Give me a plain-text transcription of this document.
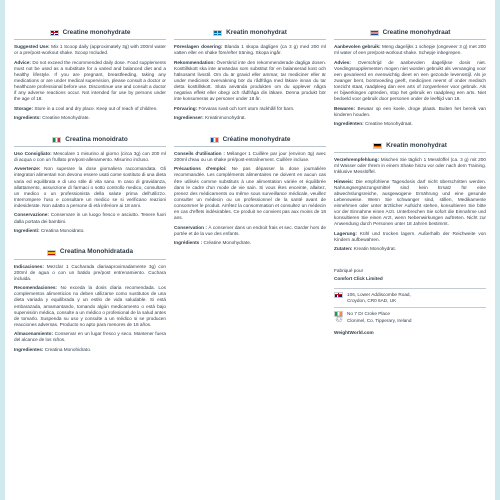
Creatine monohydrate

Suggested Use: Mix 1 Scoop daily (approximately 3g) with 200ml water or a pre/post-workout shake. Scoop Included.

Advice: Do not exceed the recommended daily dose. Food supplements must not be used as a substitute for a varied and balanced diet and a healthy lifestyle. If you are pregnant, breastfeeding, taking any medications or are under medical supervision, please consult a doctor or healthcare professional before use. Discontinue use and consult a doctor if any adverse reactions occur. Not intended for use by persons under the age of 18.

Storage: Store in a cool and dry place. Keep out of reach of children.

Ingredients: Creatine Monohydrate.

Creatina monoidrato

Uso Consigliato: Mescolare 1 misurino al giorno (circa 3g) con 200 ml di acqua o con un frullato pre/post-allenamento. Misurino incluso.

Avvertenze: Non superare la dose giornaliera raccomandata. Gli integratori alimentari non devono essere usati come sostituto di una dieta varia ed equilibrata e di uno stile di vita sano. In caso di gravidanza, allattamento, assunzione di farmaci o sotto controllo medico, consultare un medico o un professionista della salute prima dell'utilizzo. Interrompere l'uso e consultare un medico se si verificano reazioni indesiderate. Non adatto a persone di età inferiore ai 18 anni.

Conservazione: Conservare in un luogo fresco e asciutto. Tenere fuori dalla portata dei bambini.

Ingredienti: Creatina Monoidrato.

Creatina Monohidratada

Indicaciones: Mezclar 1 Cucharada diariaaproximadamente 3g) con 200ml de agua o con un batido pre/post entrenamiento. Cuchara incluida.

Recomendaciones: No exceda la dosis diaria recomendada. Los complementos alimenticios no deben utilizarse como sustitutos de una dieta variada y equilibrada y un estilo de vida saludable. Si está embarazada, amamantando, tomando algún medicamento o está bajo supervisión médica, consulte a un médico o profesional de la salud antes de tomarlo. Suspenda su uso y consulte a un médico si se producen reacciones adversas. Producto no apto para menores de 18 años.

Almacenamiento: Conservar en un lugar fresco y seco. Mantener fuera del alcance de los niños.

Ingredientes: Creatina Monohidrato.

Kreatin monohydrat

Föreslagen dosering: Blanda 1 skopa dagligen (ca 3 g) med 200 ml vatten eller en shake före/efter träning. Skopa ingår.

Rekommendation: Överskrid inte den rekommenderade dagliga dosen. Kosttillskott ska inte användas som substitut för en balanserad kost och hälsosamt livsstil. Om du är gravid eller ammar, tar mediciner eller är under medicinsk övervakning bör du rådfråga med läkare innan du tar detta kosttillskott. Sluta använda produkten om du upplever några negativa effekt eller obegi och rådfråga din läkare. Denna produkt bör inte konsumeras av personer under 18 år.

Förvaring: Förvaras svalt och torrt utom räckhåll för barn.

Ingredienser: Kreatinmonohydrat.

Créatine monohydrate

Conseils d'utilisation : Mélanger 1 Cuillère par jour (environ 3g) avec 200ml d'eau ou un shake pré/post-entraînement. Cuillère incluse.

Précautions d'emploi: Ne pas dépasser la dose journalière recommandée. Les compléments alimentaires ne doivent en aucun cas être utilisés comme substituts à une alimentation variée et équilibrée dans le cadre d'un mode de vie sain. Si vous êtes enceinte, allaitez, prenez des médicaments ou même sous surveillance médicale, veuillez consulter un médecin ou un professionnel de la santé avant de consommer le produit. Arrêtez la consommation et consultez un médecin en cas d'effets indésirables. Ce produit ne convient pas aux moins de 18 ans.

Conservation : À conserver dans un endroit frais et sec. Garder hors de portée et de la vue des enfants.

Ingrédients : Créatine Monohydrate.

Creatine monohydraat

Aanbevolen gebruik: Meng dagelijks 1 schepje (ongeveer 3 g) met 200 ml water of een pre/post-workout shake. Schepje inbegrepen.

Advies: Overschrijd de aanbevolen dagelijkse dosis niet. Voedingssupplementen mogen niet worden gebruikt als vervanging voor een gevarieerd en evenwichtig dieet en een gezonde levensstijl. Als je zwanger bent, borstvoeding geeft, medicijnen neemt of onder medisch toezicht staat, raadpleeg dan een arts of zorgverlener voor gebruik. Als er bijwerkingen optreden, stop het gebruik en raadpleeg een arts. Niet bedoeld voor gebruik door personen onder de leeftijd van 18.

Bewaren: Bewaar op een koele, droge plaats. Buiten het bereik van kinderen houden.

Ingrediënten: Creatine Monohydraat.

Kreatin monohydrat

Verzehrempfehlung: Mischen Sie täglich 1 Messlöffel (ca. 3 g) mit 200 ml Wasser oder Ihrem in einem Shake hinzu vor oder nach dem Training. Inklusive Messlöffel.

Hinweis: Die empfohlene Tagesdosis darf nicht überschritten werden. Nahrungsergänzungsmittel sind kein Ersatz für eine abwechslungsreiche, ausgewogene Ernährung und eine gesunde Lebensweise. Wenn Sie schwanger sind, stillen, Medikamente einnehmen oder unter ärztlicher Aufsicht stehen, konsultieren Sie bitte vor der Einnahme einen Arzt. Unterbrechen Sie sofort die Einnahme und konsultieren Sie einen Arzt, wenn Nebenwirkungen auftreten. Nicht zur Anwendung durch Personen unter 18 Jahren bestimmt.

Lagerung: Kühl und trocken lagern. Außerhalb der Reichweite von Kindern aufbewahren.

Zutaten: Kreatin Monohydrat.

Fabriqué pour
Comfort Click Limited
106, Lower Addiscombe Road,
Croydon, CR0 6AD, UK
No 7 Dr Croke Place
Clonmel, Co. Tipperary, Ireland
WeightWorld.com
♲
